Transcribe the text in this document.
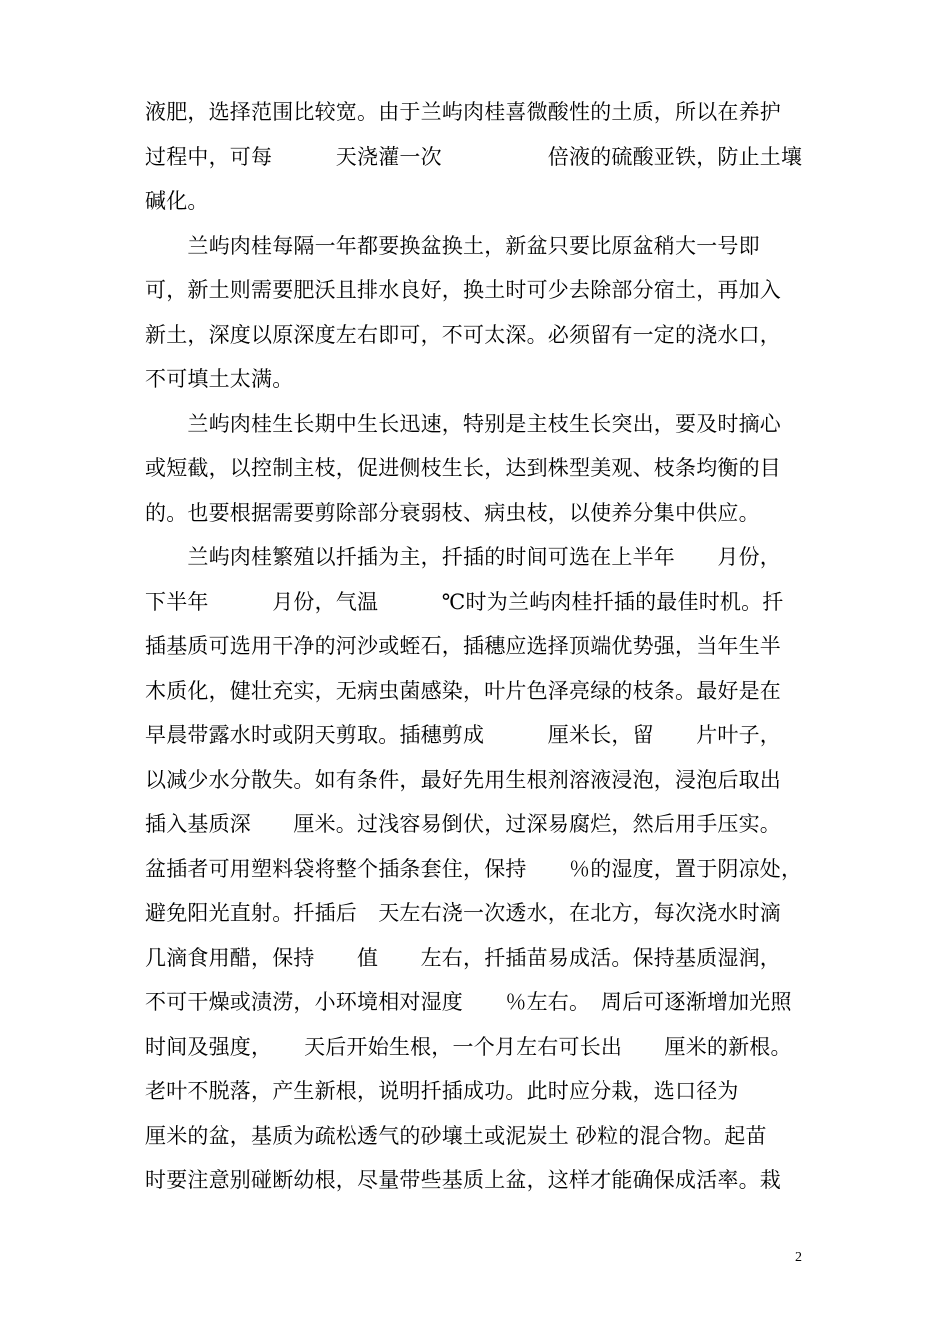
液肥，选择范围比较宽。由于兰屿肉桂喜微酸性的土质，所以在养护
过程中，可每　　　天浇灌一次　　　　　倍液的硫酸亚铁，防止土壤
碱化。
　　兰屿肉桂每隔一年都要换盆换土，新盆只要比原盆稍大一号即
可，新土则需要肥沃且排水良好，换土时可少去除部分宿土，再加入
新土，深度以原深度左右即可，不可太深。必须留有一定的浇水口，
不可填土太满。
　　兰屿肉桂生长期中生长迅速，特别是主枝生长突出，要及时摘心
或短截，以控制主枝，促进侧枝生长，达到株型美观、枝条均衡的目
的。也要根据需要剪除部分衰弱枝、病虫枝，以使养分集中供应。
　　兰屿肉桂繁殖以扦插为主，扦插的时间可选在上半年　　月份，
下半年　　　月份，气温　　　℃时为兰屿肉桂扦插的最佳时机。扦
插基质可选用干净的河沙或蛭石，插穗应选择顶端优势强，当年生半
木质化，健壮充实，无病虫菌感染，叶片色泽亮绿的枝条。最好是在
早晨带露水时或阴天剪取。插穗剪成　　　厘米长，留　　片叶子，
以减少水分散失。如有条件，最好先用生根剂溶液浸泡，浸泡后取出
插入基质深　　厘米。过浅容易倒伏，过深易腐烂，然后用手压实。
盆插者可用塑料袋将整个插条套住，保持　　％的湿度，置于阴凉处，
避免阳光直射。扦插后　天左右浇一次透水，在北方，每次浇水时滴
几滴食用醋，保持　　值　　左右，扦插苗易成活。保持基质湿润，
不可干燥或渍涝，小环境相对湿度　　％左右。　周后可逐渐增加光照
时间及强度，　　天后开始生根，一个月左右可长出　　厘米的新根。
老叶不脱落，产生新根，说明扦插成功。此时应分栽，选口径为
厘米的盆，基质为疏松透气的砂壤土或泥炭土 砂粒的混合物。起苗
时要注意别碰断幼根，尽量带些基质上盆，这样才能确保成活率。栽
2
